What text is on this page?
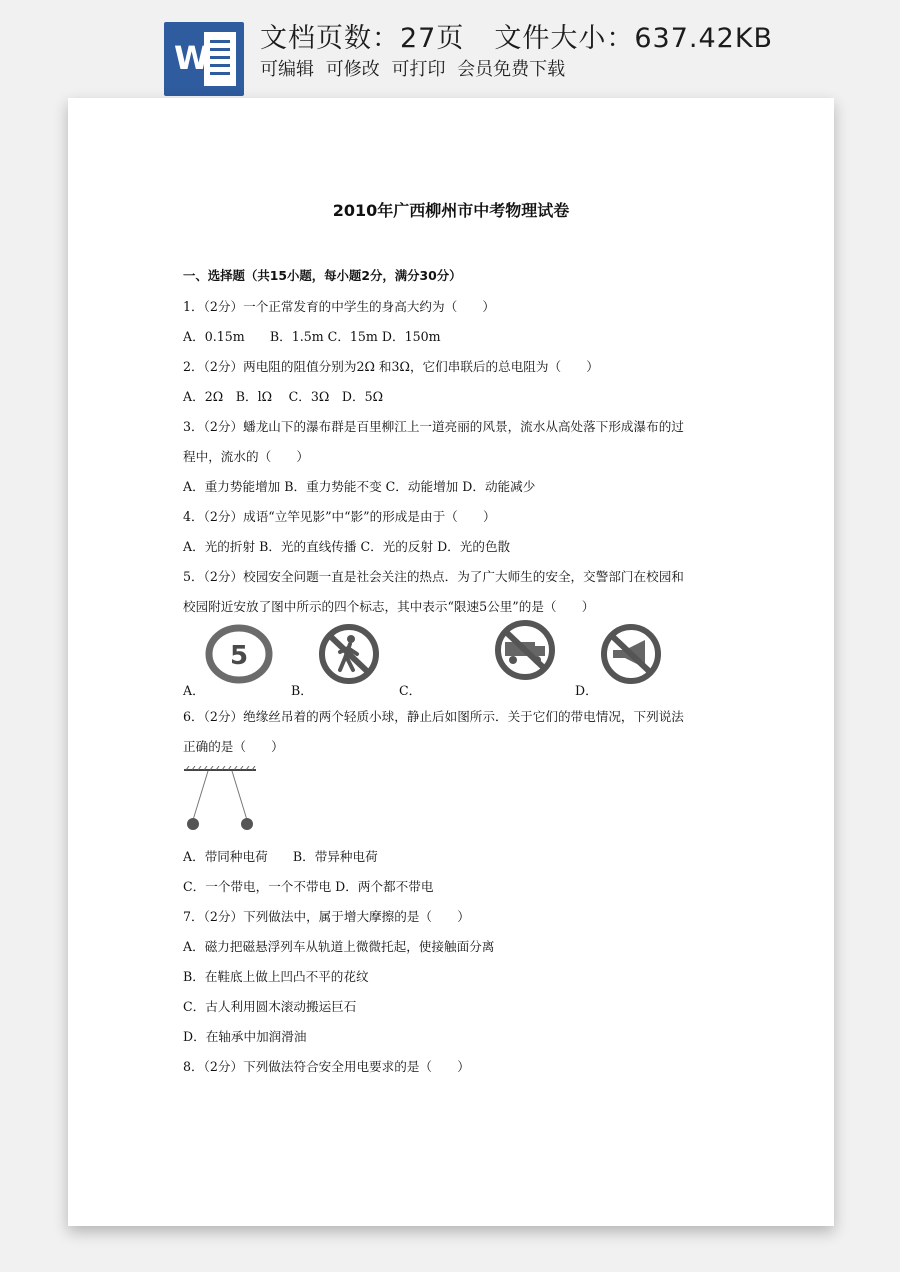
W
文档页数：27页 文件大小：637.42KB
可编辑 可修改 可打印 会员免费下载
2010年广西柳州市中考物理试卷
一、选择题（共15小题，每小题2分，满分30分）
1．（2分）一个正常发育的中学生的身高大约为（　　）
A．0.15m　　B．1.5m C．15m D．150m
2．（2分）两电阻的阻值分别为2Ω 和3Ω，它们串联后的总电阻为（　　）
A．2Ω　B．lΩ　 C．3Ω　D．5Ω
3．（2分）蟠龙山下的瀑布群是百里柳江上一道亮丽的风景，流水从高处落下形成瀑布的过
程中，流水的（　　）
A．重力势能增加 B．重力势能不变 C．动能增加 D．动能减少
4．（2分）成语“立竿见影”中“影”的形成是由于（　　）
A．光的折射 B．光的直线传播 C．光的反射 D．光的色散
5．（2分）校园安全问题一直是社会关注的热点．为了广大师生的安全，交警部门在校园和
校园附近安放了图中所示的四个标志，其中表示“限速5公里”的是（　　）
A．
5
B．	C．	D．
6．（2分）绝缘丝吊着的两个轻质小球，静止后如图所示．关于它们的带电情况，下列说法
正确的是（　　）
A．带同种电荷　　B．带异种电荷
C．一个带电，一个不带电 D．两个都不带电
7．（2分）下列做法中，属于增大摩擦的是（　　）
A．磁力把磁悬浮列车从轨道上微微托起，使接触面分离
B．在鞋底上做上凹凸不平的花纹
C．古人利用圆木滚动搬运巨石
D．在轴承中加润滑油
8．（2分）下列做法符合安全用电要求的是（　　）
